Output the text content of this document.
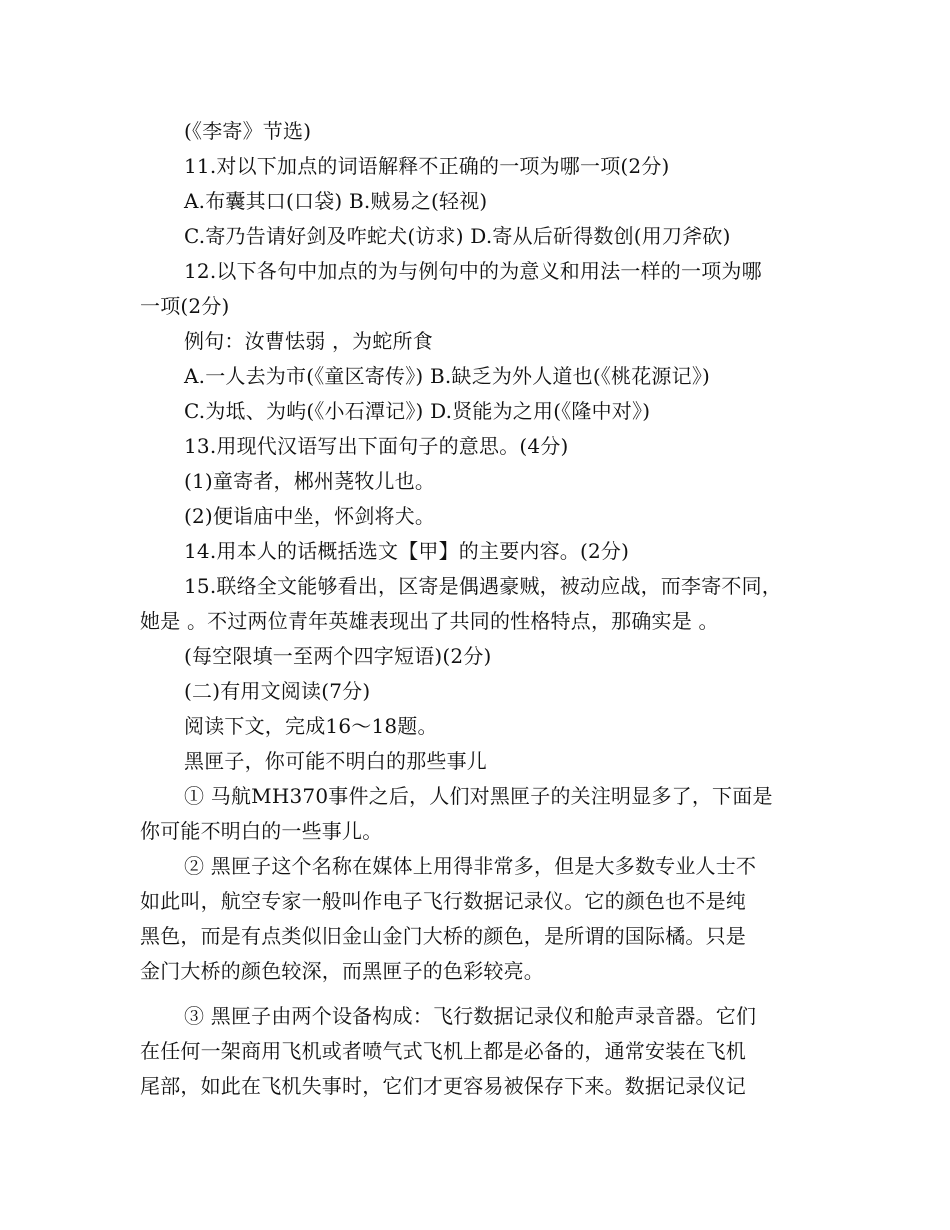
(《李寄》节选)
11.对以下加点的词语解释不正确的一项为哪一项(2分)
A.布囊其口(口袋) B.贼易之(轻视)
C.寄乃告请好剑及咋蛇犬(访求) D.寄从后斫得数创(用刀斧砍)
12.以下各句中加点的为与例句中的为意义和用法一样的一项为哪
一项(2分)
例句：汝曹怯弱 ，为蛇所食
A.一人去为市(《童区寄传》) B.缺乏为外人道也(《桃花源记》)
C.为坻、为屿(《小石潭记》) D.贤能为之用(《隆中对》)
13.用现代汉语写出下面句子的意思。(4分)
(1)童寄者，郴州荛牧儿也。
(2)便诣庙中坐，怀剑将犬。
14.用本人的话概括选文【甲】的主要内容。(2分)
15.联络全文能够看出，区寄是偶遇豪贼，被动应战，而李寄不同，
她是 。不过两位青年英雄表现出了共同的性格特点，那确实是 。
(每空限填一至两个四字短语)(2分)
(二)有用文阅读(7分)
阅读下文，完成16～18题。
黑匣子，你可能不明白的那些事儿
① 马航MH370事件之后，人们对黑匣子的关注明显多了，下面是
你可能不明白的一些事儿。
② 黑匣子这个名称在媒体上用得非常多，但是大多数专业人士不
如此叫，航空专家一般叫作电子飞行数据记录仪。它的颜色也不是纯
黑色，而是有点类似旧金山金门大桥的颜色，是所谓的国际橘。只是
金门大桥的颜色较深，而黑匣子的色彩较亮。
③ 黑匣子由两个设备构成：飞行数据记录仪和舱声录音器。它们
在任何一架商用飞机或者喷气式飞机上都是必备的，通常安装在飞机
尾部，如此在飞机失事时，它们才更容易被保存下来。数据记录仪记
